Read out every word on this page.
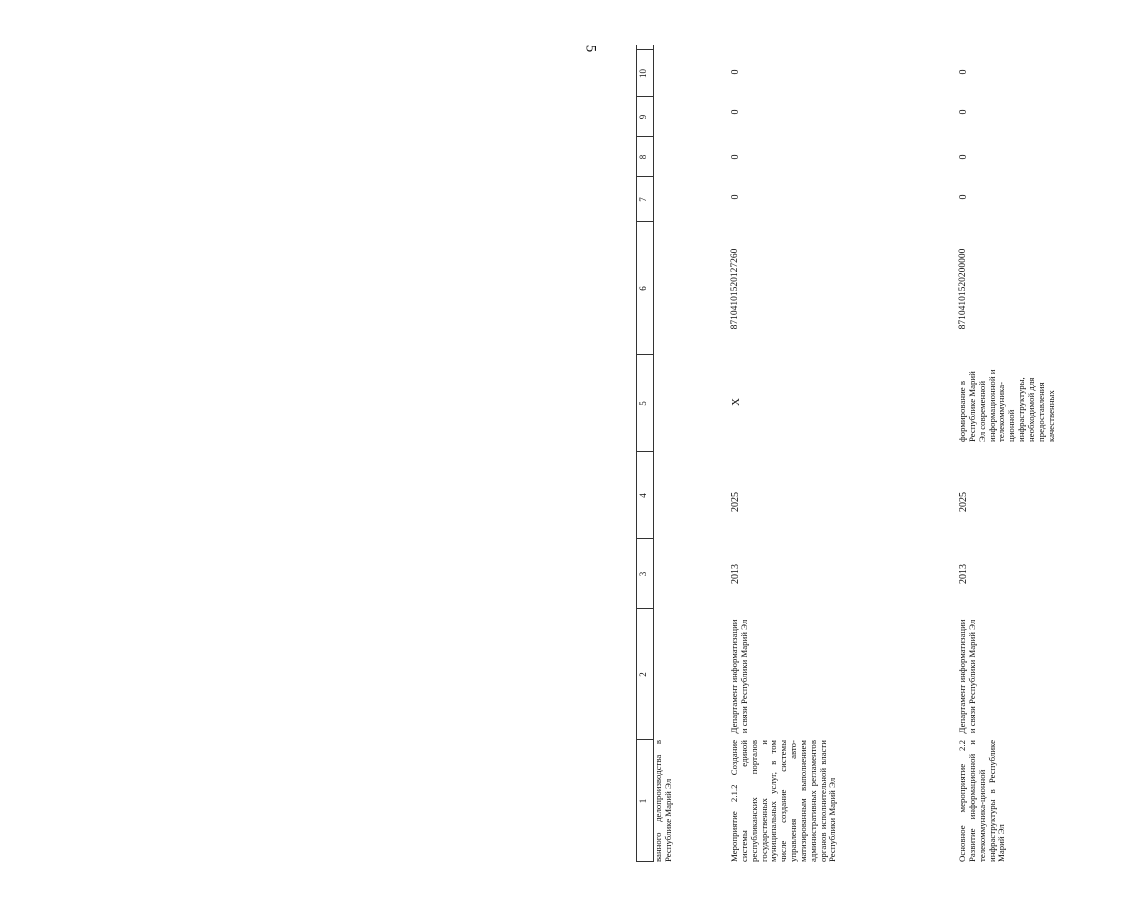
5
1
2
3
4
5
6
7
8
9
10
ванного делопроизводства в Республике Марий Эл	Мероприятие 2.1.2 Создание системы единой республиканских порталов государственных и муниципальных услуг, в том числе создание системы управления авто-матизированным выполнением административных регламентов органов исполнительной власти Республики Марий Эл
Департамент информатизации и связи Республики Марий Эл
2013
2025
Х
871041015201272​60
0
0
0
0
Основное мероприятие 2.2 Развитие информационной и телекоммуника-ционной инфраструктуры в Республике Марий Эл
Департамент информатизации и связи Республики Марий Эл
2013
2025
формирование в Республике Марий Эл современной информационной и телекоммуника-ционной инфраструктуры, необходимой для предоставления качественных
871041015202000​00
0
0
0
0
